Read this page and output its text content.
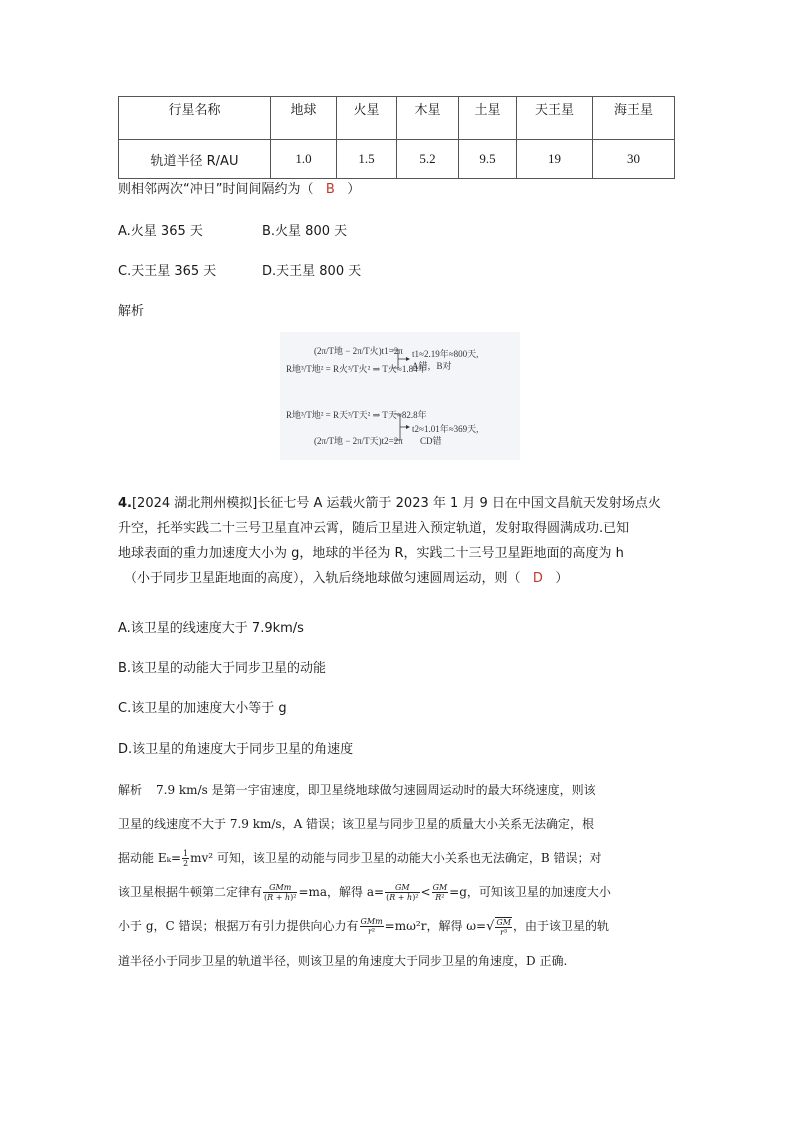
行星名称	地球	火星	木星	土星	天王星	海王星
轨道半径 R/AU	1.0	1.5	5.2	9.5	19	30
则相邻两次“冲日”时间间隔约为（ B ）
A.火星 365 天	B.火星 800 天
C.天王星 365 天	D.天王星 800 天
解析
(2π/T地 − 2π/T火)t1=2π
R地³/T地² = R火³/T火² ⇒ T火≈1.84年
t1≈2.19年≈800天,
A错，B对
R地³/T地² = R天³/T天² ⇒ T天≈82.8年
(2π/T地 − 2π/T天)t2=2π
t2≈1.01年≈369天,
CD错
4.[2024 湖北荆州模拟]长征七号 A 运载火箭于 2023 年 1 月 9 日在中国文昌航天发射场点火
升空，托举实践二十三号卫星直冲云霄，随后卫星进入预定轨道，发射取得圆满成功.已知
地球表面的重力加速度大小为 g，地球的半径为 R，实践二十三号卫星距地面的高度为 h
（小于同步卫星距地面的高度），入轨后绕地球做匀速圆周运动，则（ D ）
A.该卫星的线速度大于 7.9km/s
B.该卫星的动能大于同步卫星的动能
C.该卫星的加速度大小等于 g
D.该卫星的角速度大于同步卫星的角速度
解析 7.9 km/s 是第一宇宙速度，即卫星绕地球做匀速圆周运动时的最大环绕速度，则该
卫星的线速度不大于 7.9 km/s，A 错误；该卫星与同步卫星的质量大小关系无法确定，根
据动能 $E_k= \frac{1}{2} mv^2$ 可知，该卫星的动能与同步卫星的动能大小关系也无法确定，B 错误；对
该卫星根据牛顿第二定律有 $\frac{\text{GMm}}{\text{(R + h)²}} =ma$，解得 $a= \frac{GM}{\text{(R + h)²}} < \frac{GM}{\text{R²}} =g$，可知该卫星的加速度大小
小于 g，C 错误；根据万有引力提供向心力有 $\frac{\text{GMm}}{\text{r²}} =m\omega^2r$，解得 $\omega=√ \frac{GM}{\text{r³}}$ ，由于该卫星的轨
道半径小于同步卫星的轨道半径，则该卫星的角速度大于同步卫星的角速度，D 正确.
